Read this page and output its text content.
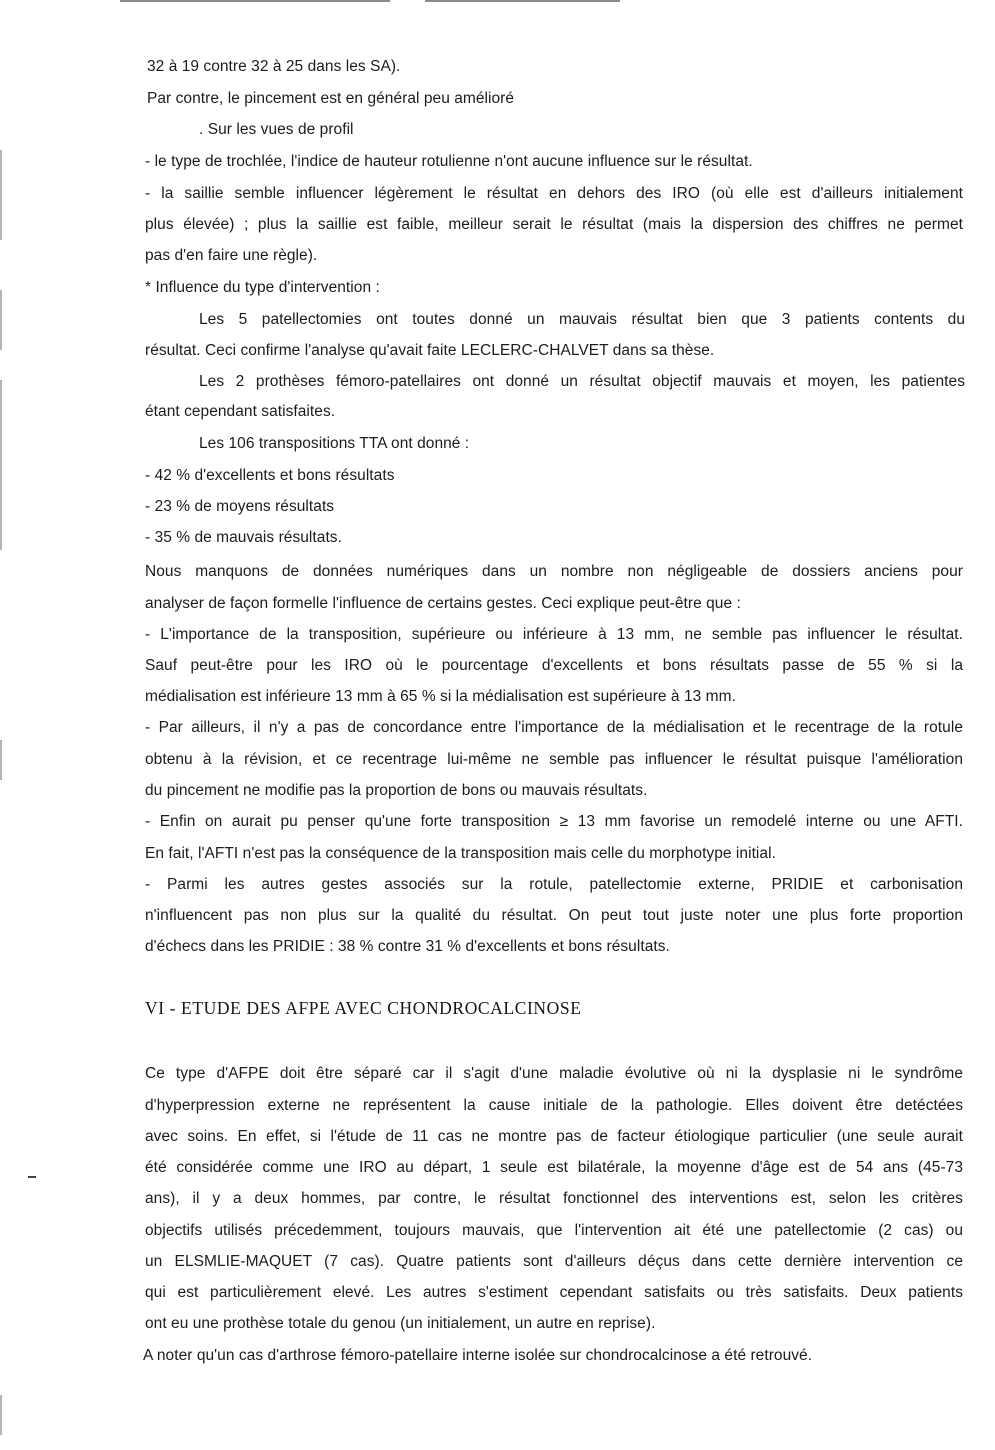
32 à 19 contre 32 à 25 dans les SA).
Par contre, le pincement est en général peu amélioré
. Sur les vues de profil
- le type de trochlée, l'indice de hauteur rotulienne n'ont aucune influence sur le résultat.
- la saillie semble influencer légèrement le résultat en dehors des IRO (où elle est d'ailleurs initialement
plus élevée) ; plus la saillie est faible, meilleur serait le résultat (mais la dispersion des chiffres ne permet
pas d'en faire une règle).
* Influence du type d'intervention :
Les 5 patellectomies ont toutes donné un mauvais résultat bien que 3 patients contents du
résultat. Ceci confirme l'analyse qu'avait faite LECLERC-CHALVET dans sa thèse.
Les 2 prothèses fémoro-patellaires ont donné un résultat objectif mauvais et moyen, les patientes
étant cependant satisfaites.
Les 106 transpositions TTA ont donné :
- 42 % d'excellents et bons résultats
- 23 % de moyens résultats
- 35 % de mauvais résultats.
Nous manquons de données numériques dans un nombre non négligeable de dossiers anciens pour
analyser de façon formelle l'influence de certains gestes. Ceci explique peut-être que :
- L'importance de la transposition, supérieure ou inférieure à 13 mm, ne semble pas influencer le résultat.
Sauf peut-être pour les IRO où le pourcentage d'excellents et bons résultats passe de 55 % si la
médialisation est inférieure 13 mm à 65 % si la médialisation est supérieure à 13 mm.
- Par ailleurs, il n'y a pas de concordance entre l'importance de la médialisation et le recentrage de la rotule
obtenu à la révision, et ce recentrage lui-même ne semble pas influencer le résultat puisque l'amélioration
du pincement ne modifie pas la proportion de bons ou mauvais résultats.
- Enfin on aurait pu penser qu'une forte transposition ≥ 13 mm favorise un remodelé interne ou une AFTI.
En fait, l'AFTI n'est pas la conséquence de la transposition mais celle du morphotype initial.
- Parmi les autres gestes associés sur la rotule, patellectomie externe, PRIDIE et carbonisation
n'influencent pas non plus sur la qualité du résultat. On peut tout juste noter une plus forte proportion
d'échecs dans les PRIDIE : 38 % contre 31 % d'excellents et bons résultats.
VI - ETUDE DES AFPE AVEC CHONDROCALCINOSE
Ce type d'AFPE doit être séparé car il s'agit d'une maladie évolutive où ni la dysplasie ni le syndrôme
d'hyperpression externe ne représentent la cause initiale de la pathologie. Elles doivent être detéctées
avec soins. En effet, si l'étude de 11 cas ne montre pas de facteur étiologique particulier (une seule aurait
été considérée comme une IRO au départ, 1 seule est bilatérale, la moyenne d'âge est de 54 ans (45-73
ans), il y a deux hommes, par contre, le résultat fonctionnel des interventions est, selon les critères
objectifs utilisés précedemment, toujours mauvais, que l'intervention ait été une patellectomie (2 cas) ou
un ELSMLIE-MAQUET (7 cas). Quatre patients sont d'ailleurs déçus dans cette dernière intervention ce
qui est particulièrement elevé. Les autres s'estiment cependant satisfaits ou très satisfaits. Deux patients
ont eu une prothèse totale du genou (un initialement, un autre en reprise).
A noter qu'un cas d'arthrose fémoro-patellaire interne isolée sur chondrocalcinose a été retrouvé.
